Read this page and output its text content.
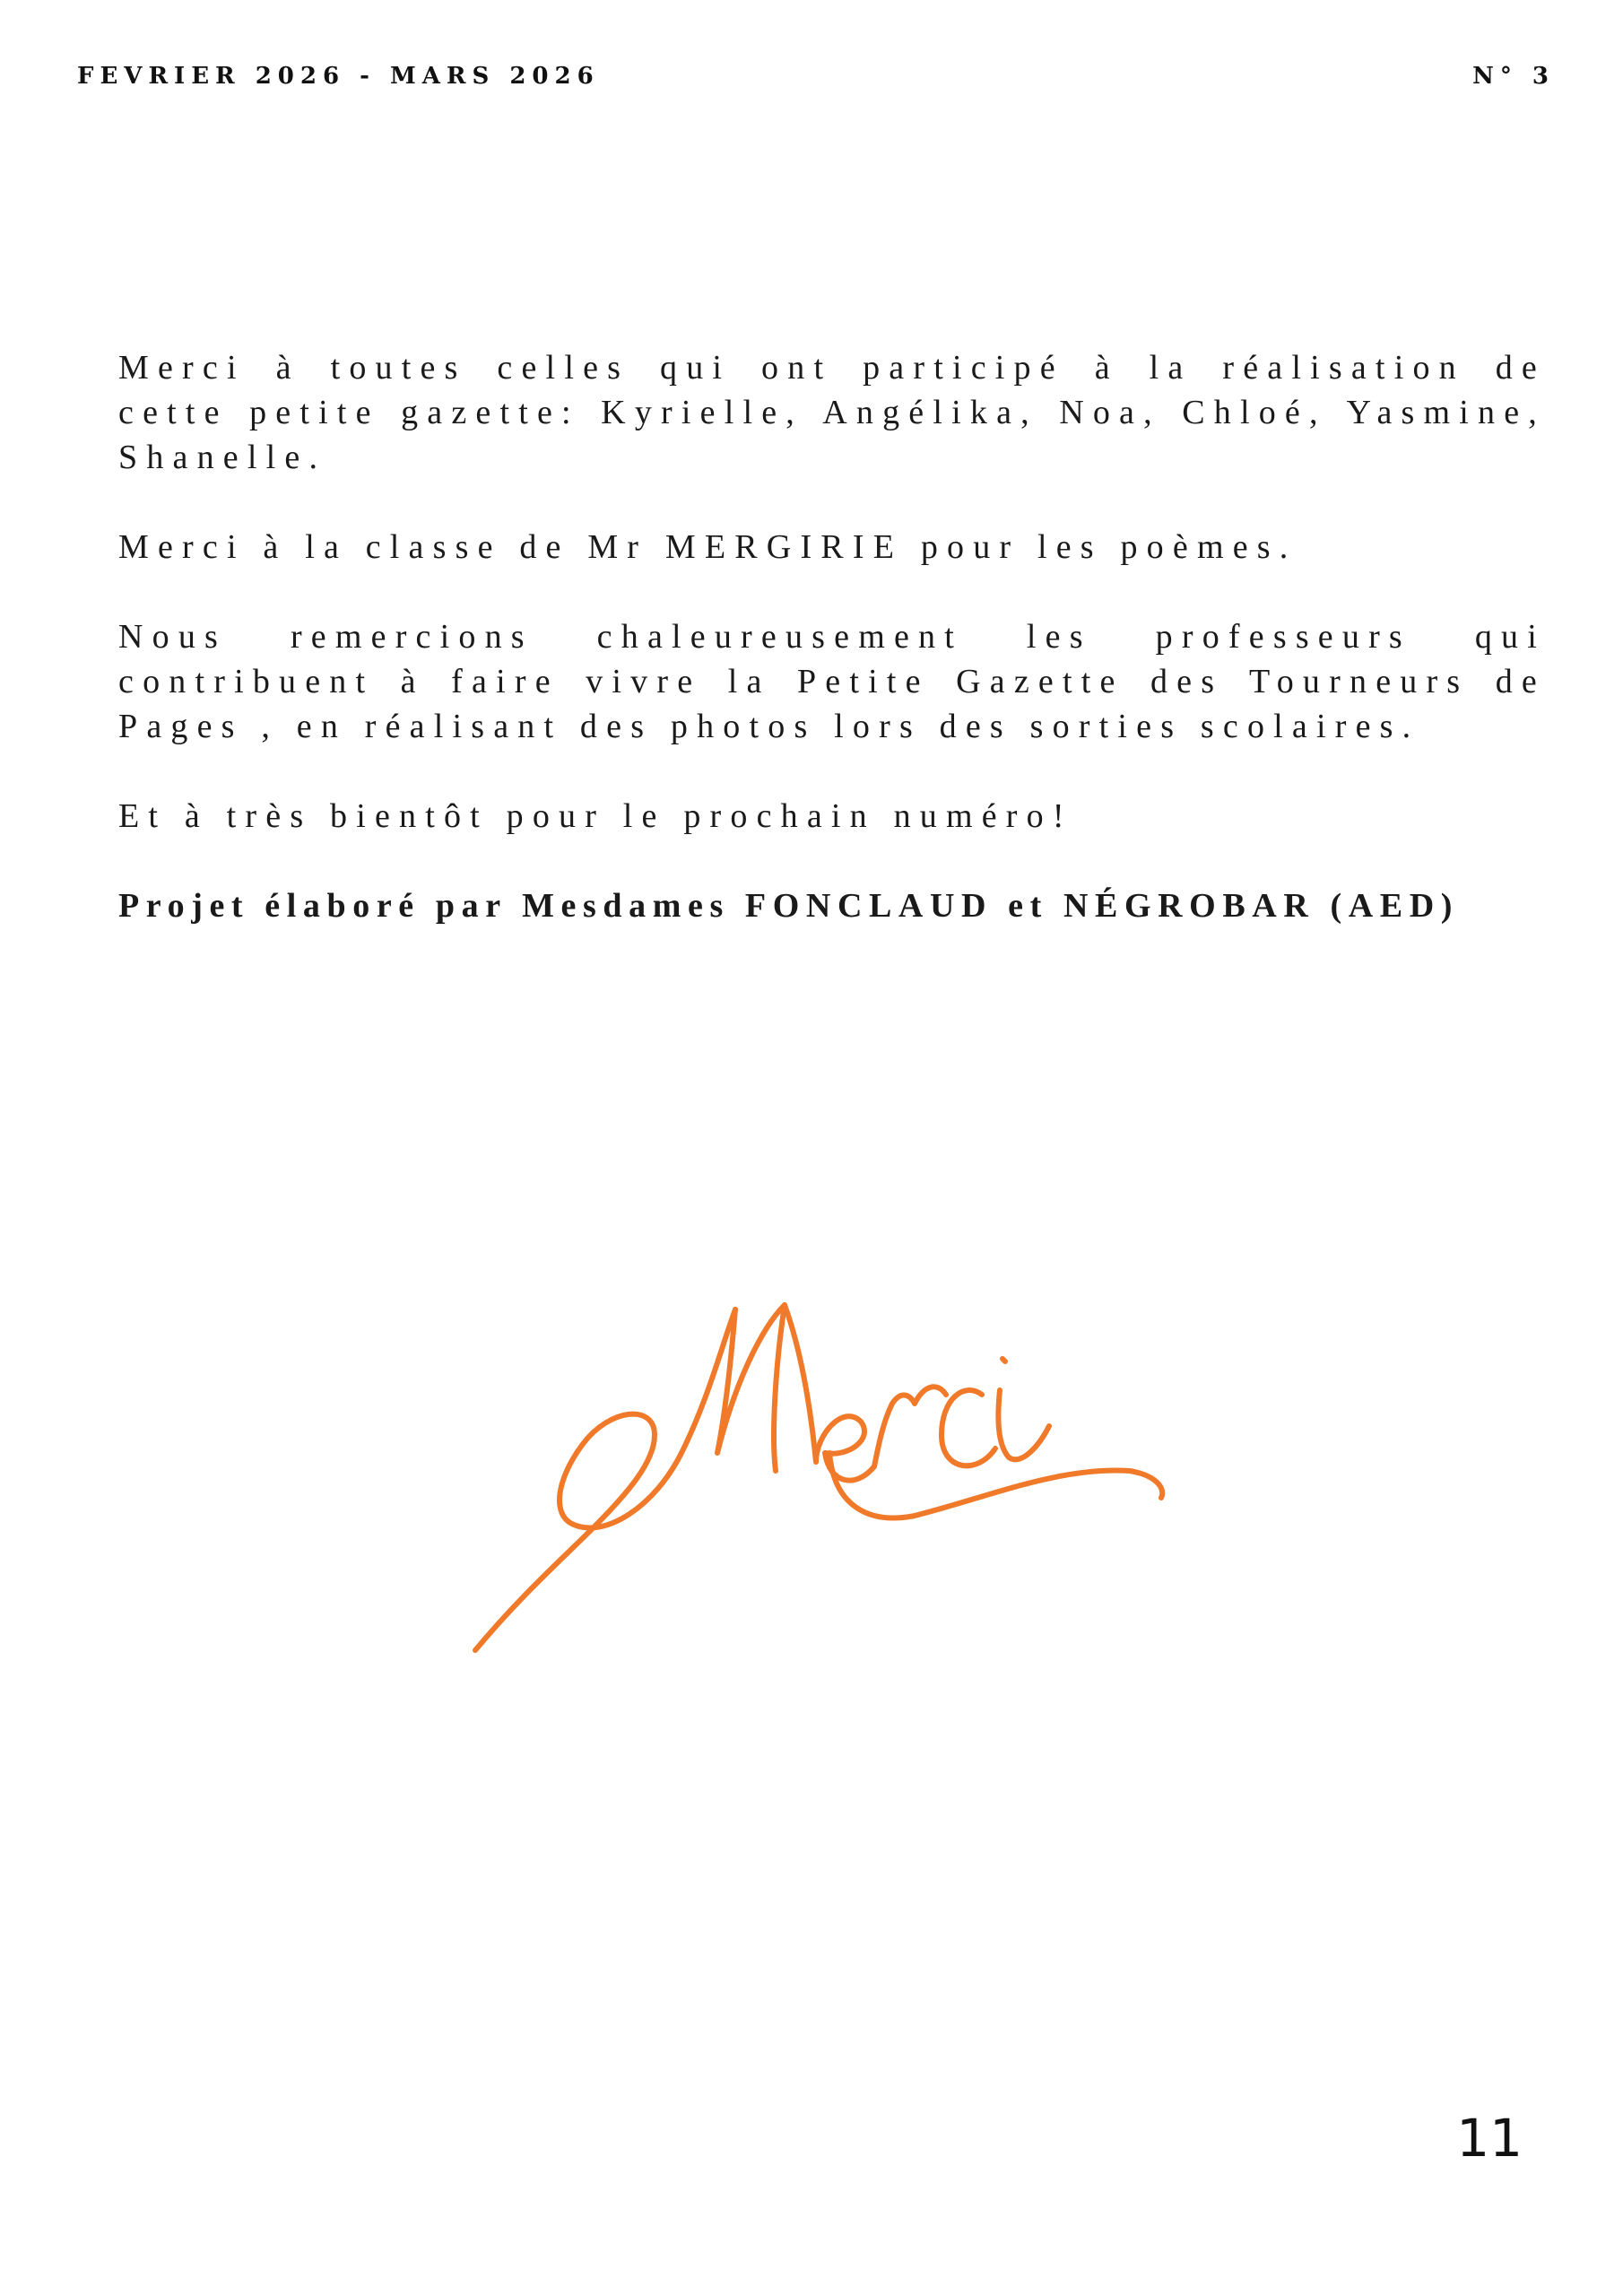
FEVRIER 2026 - MARS 2026	N° 3

Merci à toutes celles qui ont participé à la réalisation de cette petite gazette: Kyrielle, Angélika, Noa, Chloé, Yasmine, Shanelle.

Merci à la classe de Mr MERGIRIE pour les poèmes.

Nous remercions chaleureusement les professeurs qui contribuent à faire vivre la Petite Gazette des Tourneurs de Pages , en réalisant des photos lors des sorties scolaires.

Et à très bientôt pour le prochain numéro!

Projet élaboré par Mesdames FONCLAUD et NÉGROBAR (AED)

11
